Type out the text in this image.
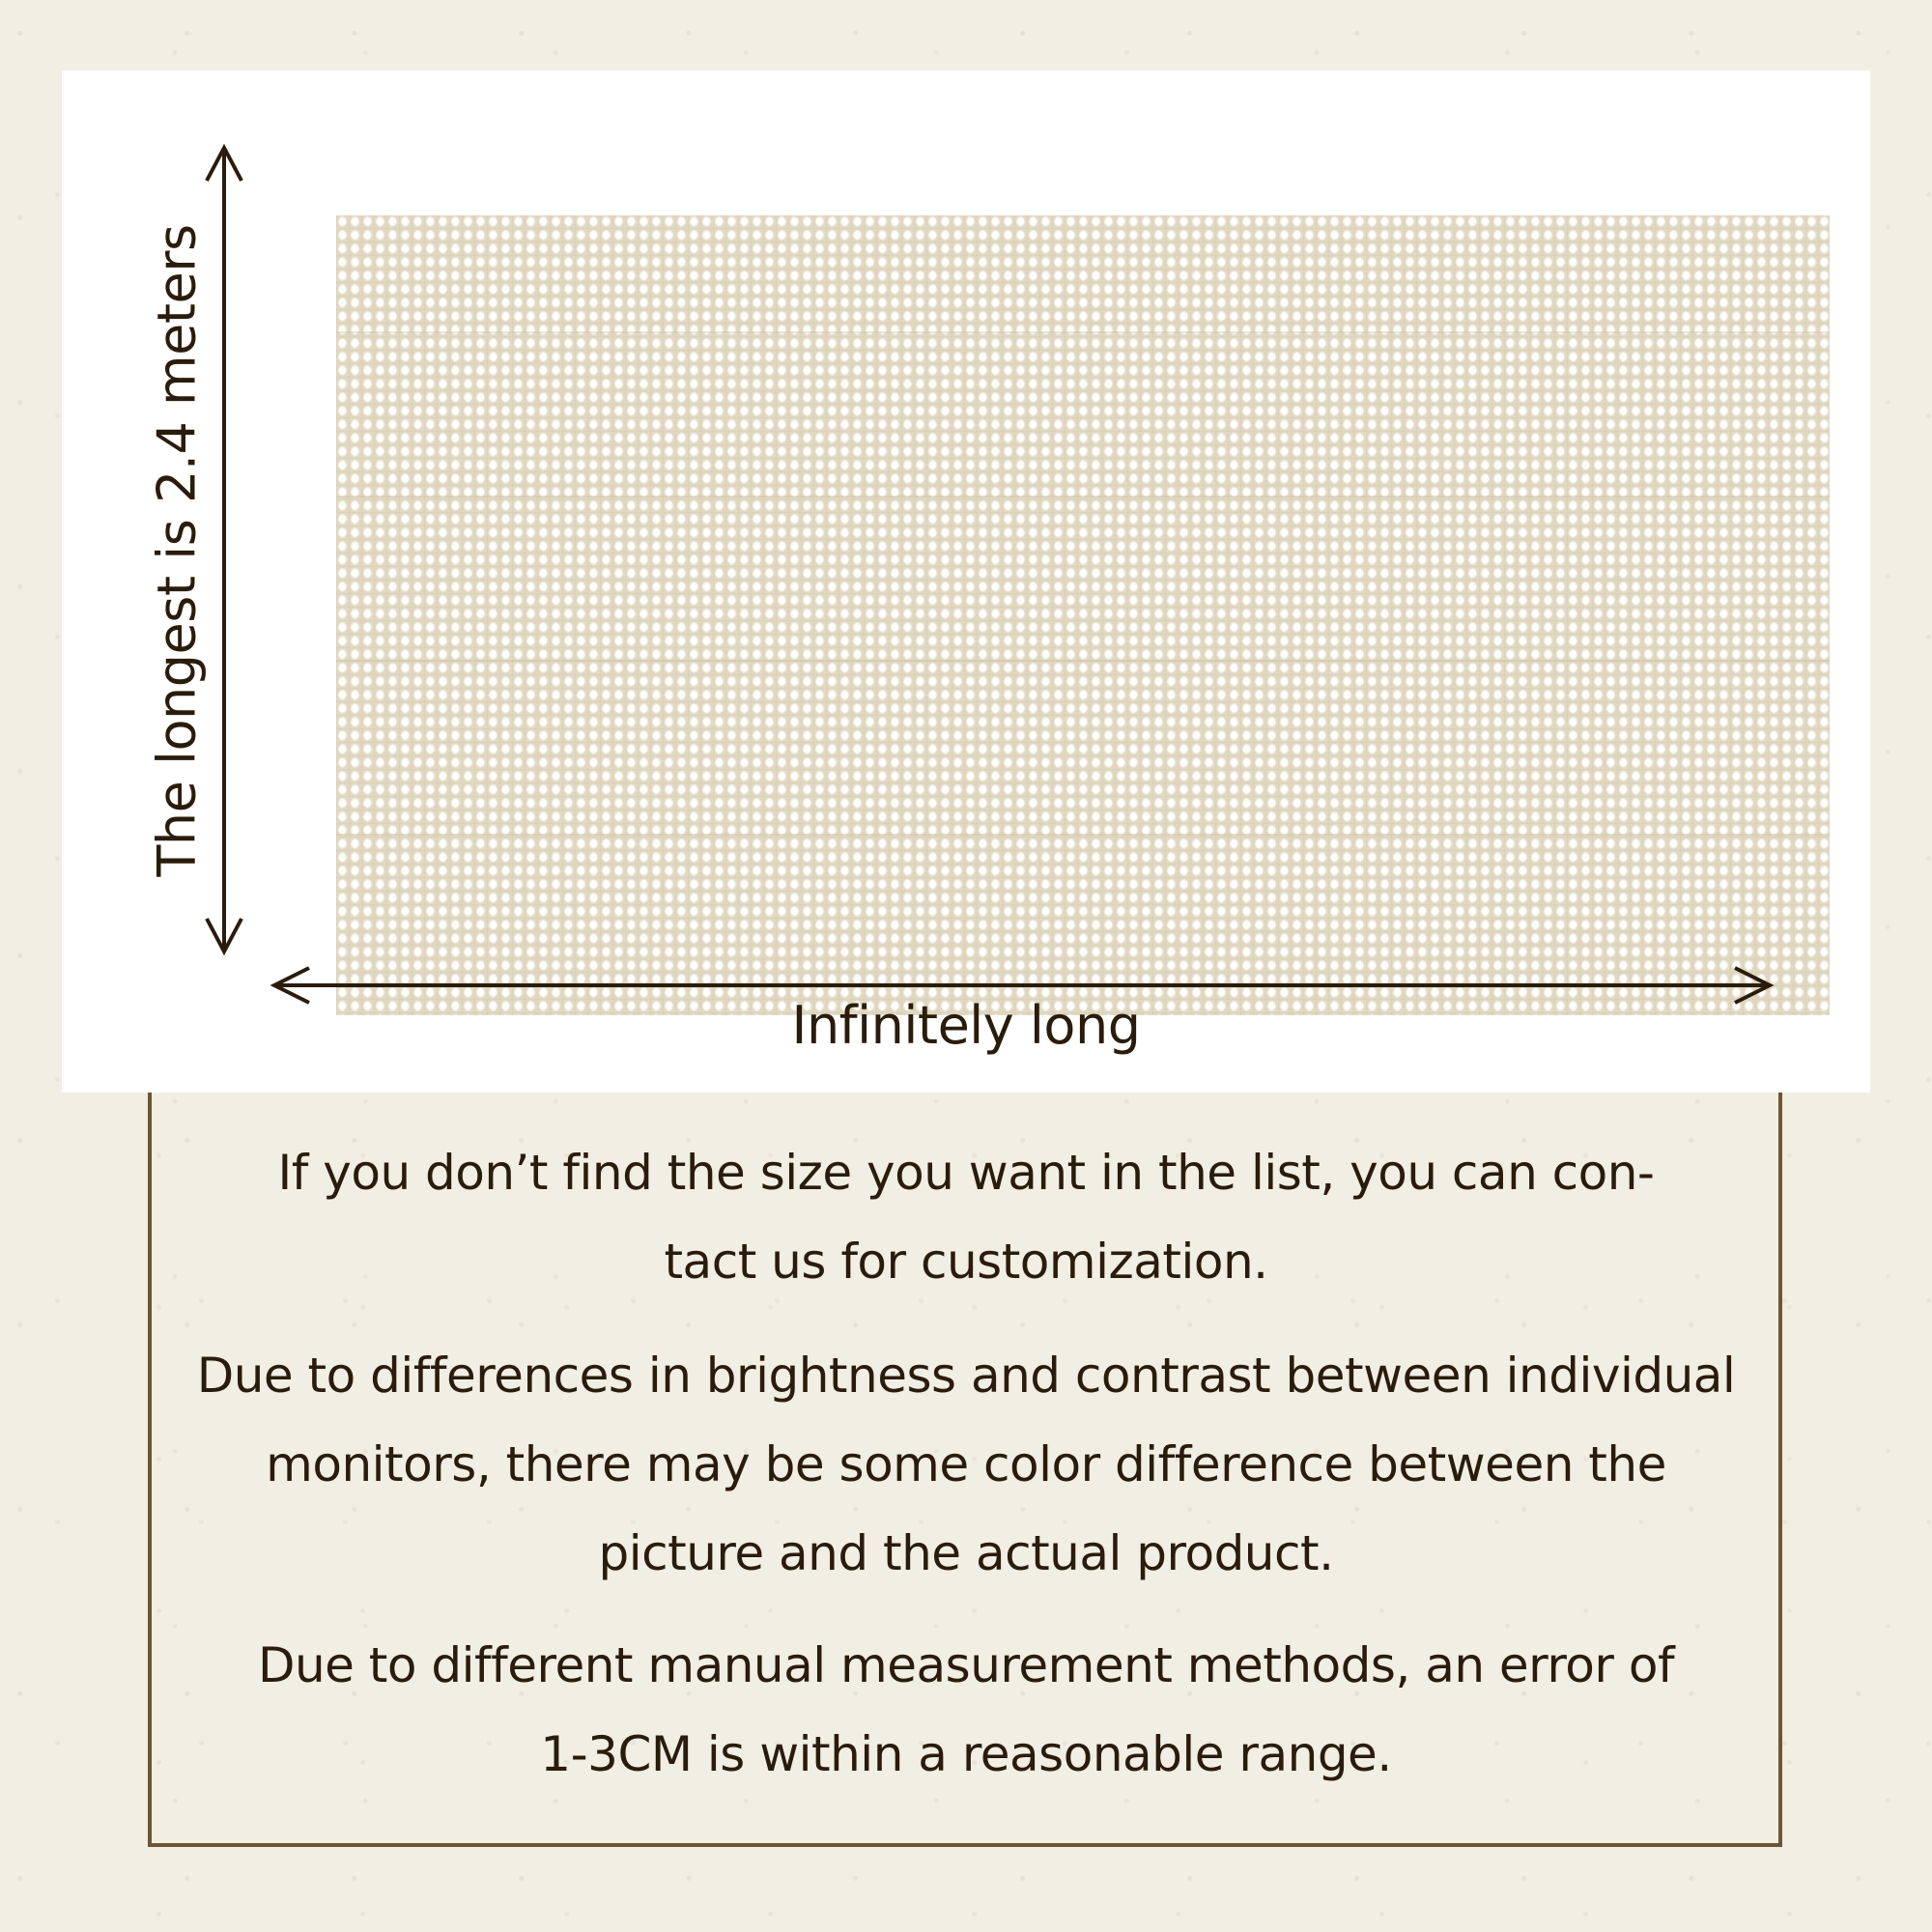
The longest is 2.4 meters
Infinitely long
If you don’t find the size you want in the list, you can con-
tact us for customization.
Due to differences in brightness and contrast between individual
monitors, there may be some color difference between the
picture and the actual product.
Due to different manual measurement methods, an error of
1-3CM is within a reasonable range.
